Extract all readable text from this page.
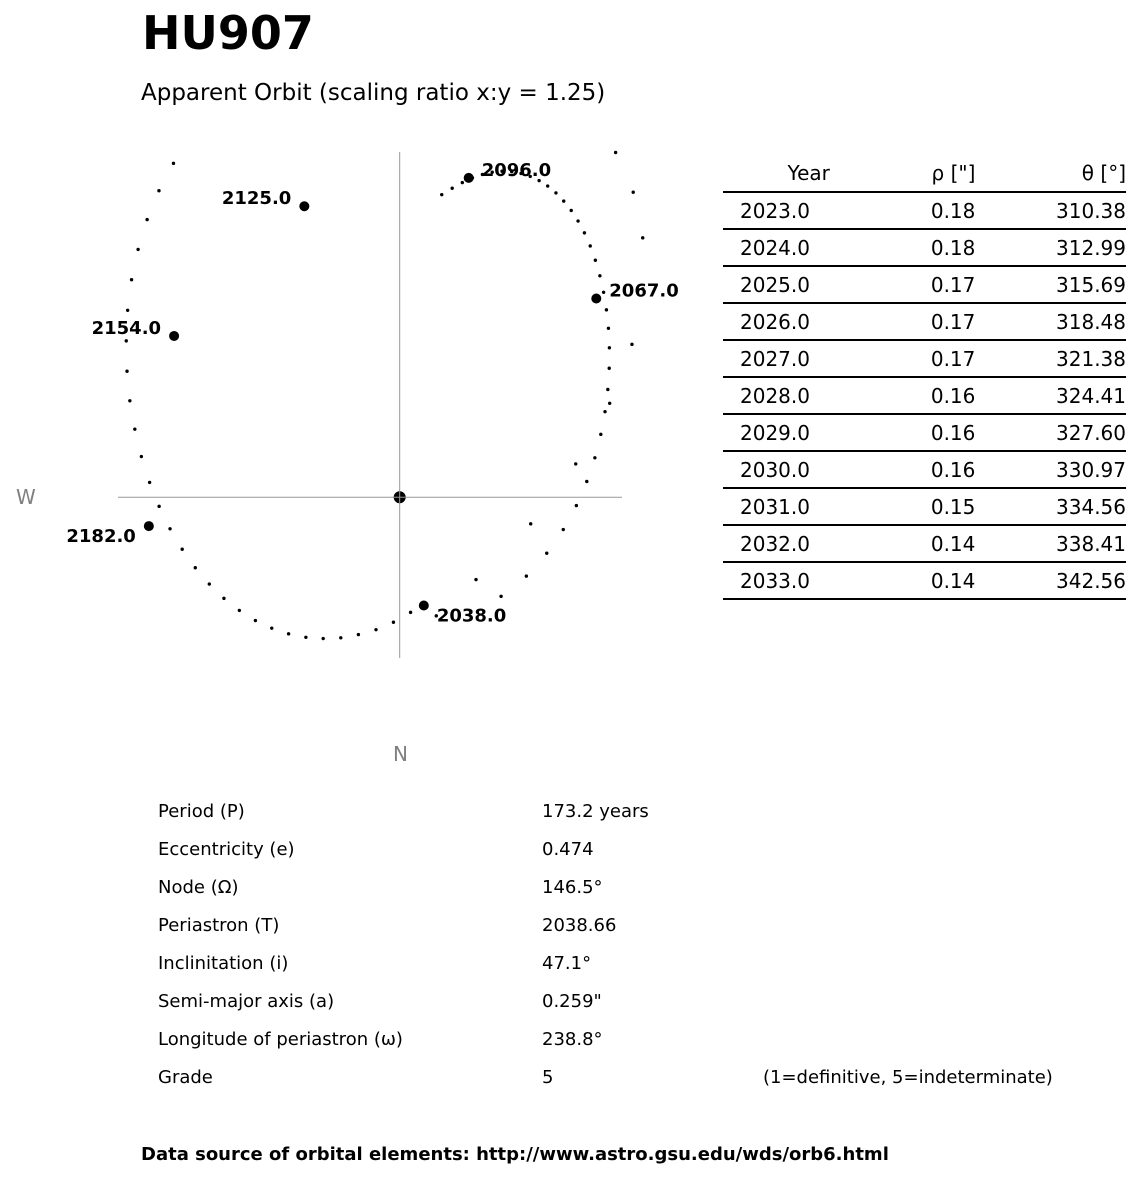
HU907
Apparent Orbit (scaling ratio x:y = 1.25)
2038.0
2067.0
2096.0
2125.0
2154.0
2182.0
W
N
Year	ρ ["]	θ [°]
2023.0	0.18	310.38
2024.0	0.18	312.99
2025.0	0.17	315.69
2026.0	0.17	318.48
2027.0	0.17	321.38
2028.0	0.16	324.41
2029.0	0.16	327.60
2030.0	0.16	330.97
2031.0	0.15	334.56
2032.0	0.14	338.41
2033.0	0.14	342.56
Period (P)	173.2 years
Eccentricity (e)	0.474
Node (Ω)	146.5°
Periastron (T)	2038.66
Inclinitation (i)	47.1°
Semi-major axis (a)	0.259"
Longitude of periastron (ω)	238.8°
Grade	5	(1=definitive, 5=indeterminate)
Data source of orbital elements: http://www.astro.gsu.edu/wds/orb6.html
